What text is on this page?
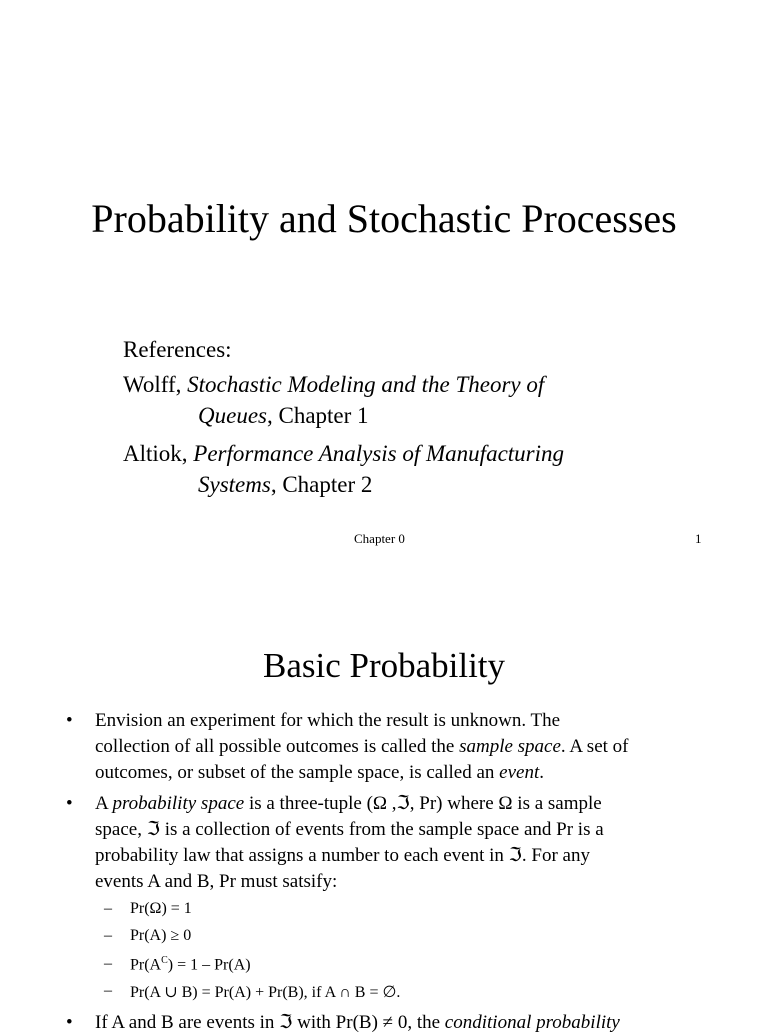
Probability and Stochastic Processes
References:
Wolff, Stochastic Modeling and the Theory of
Queues, Chapter 1
Altiok, Performance Analysis of Manufacturing
Systems, Chapter 2
Chapter 0	1
Basic Probability
• Envision an experiment for which the result is unknown. The
collection of all possible outcomes is called the sample space. A set of
outcomes, or subset of the sample space, is called an event.
• A probability space is a three-tuple (Ω ,ℑ, Pr) where Ω is a sample
space, ℑ is a collection of events from the sample space and Pr is a
probability law that assigns a number to each event in ℑ. For any
events A and B, Pr must satsify:
– Pr(Ω) = 1
– Pr(A) ≥ 0
– $Pr(A^C) = 1 - Pr(A)$
– Pr(A ∪ B) = Pr(A) + Pr(B), if A ∩ B = ∅.
• If A and B are events in ℑ with Pr(B) ≠ 0, the conditional probability
